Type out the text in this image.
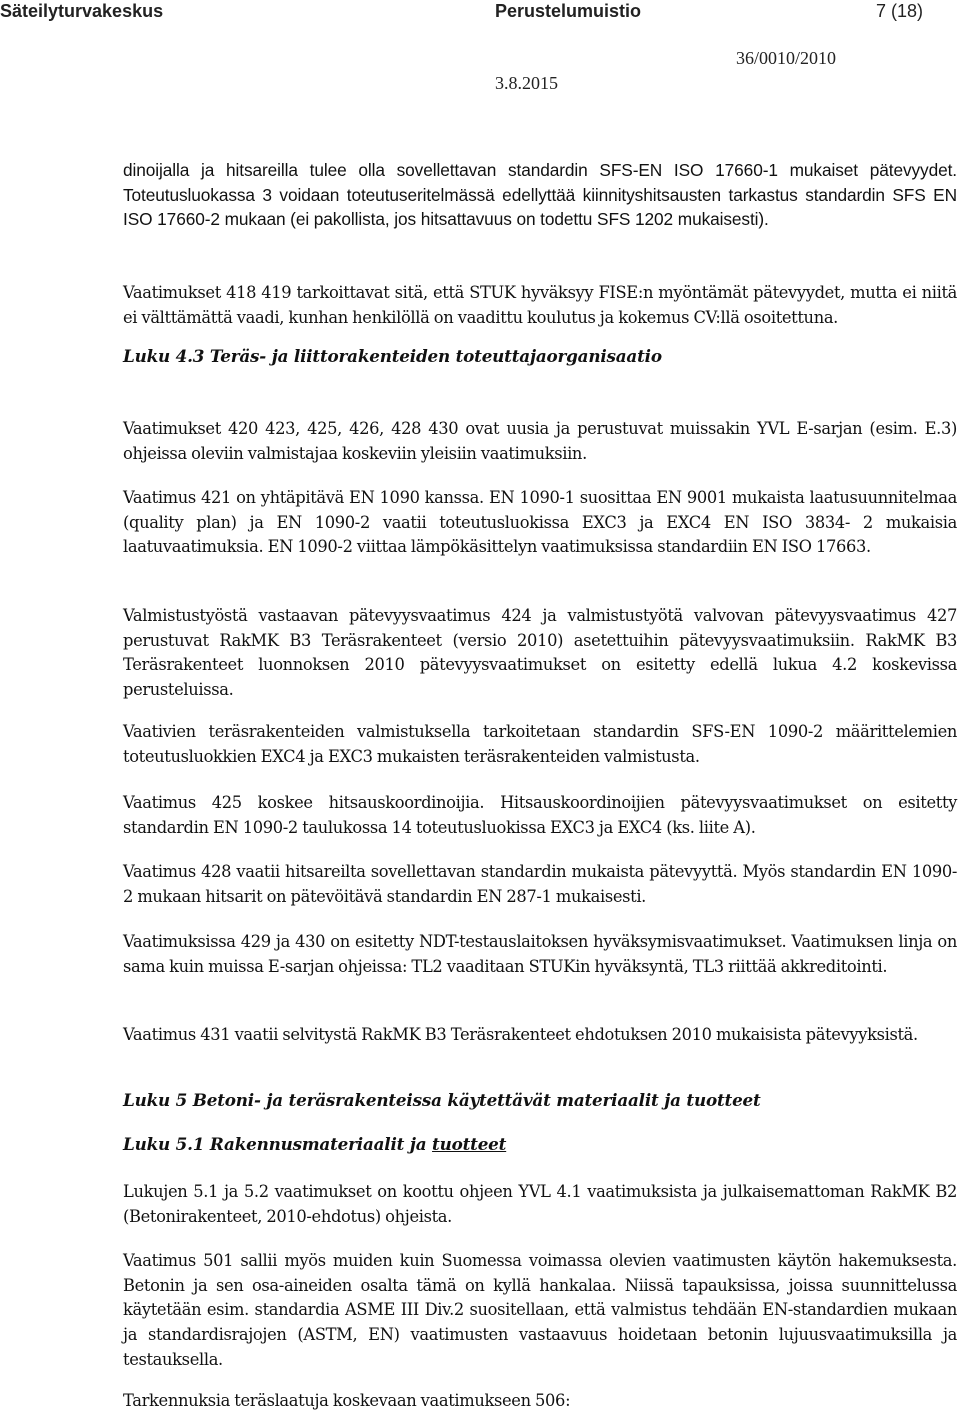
Säteilyturvakeskus	Perustelumuistio	7 (18)
36/0010/2010
3.8.2015

dinoijalla ja hitsareilla tulee olla sovellettavan standardin SFS-EN ISO 17660-1 mukaiset pätevyydet. Toteutusluokassa 3 voidaan toteutuseritelmässä edellyttää kiinnityshitsausten tarkastus standardin SFS EN ISO 17660-2 mukaan (ei pakollista, jos hitsattavuus on todettu SFS 1202 mukaisesti).

Vaatimukset 418 419 tarkoittavat sitä, että STUK hyväksyy FISE:n myöntämät pätevyydet, mutta ei niitä ei välttämättä vaadi, kunhan henkilöllä on vaadittu koulutus ja kokemus CV:llä osoitettuna.

Luku 4.3 Teräs- ja liittorakenteiden toteuttajaorganisaatio

Vaatimukset 420 423, 425, 426, 428 430 ovat uusia ja perustuvat muissakin YVL E-sarjan (esim. E.3) ohjeissa oleviin valmistajaa koskeviin yleisiin vaatimuksiin.

Vaatimus 421 on yhtäpitävä EN 1090 kanssa. EN 1090-1 suosittaa EN 9001 mukaista laatusuunnitelmaa (quality plan) ja EN 1090-2 vaatii toteutusluokissa EXC3 ja EXC4 EN ISO 3834- 2 mukaisia laatuvaatimuksia. EN 1090-2 viittaa lämpökäsittelyn vaatimuksissa standardiin EN ISO 17663.

Valmistustyöstä vastaavan pätevyysvaatimus 424 ja valmistustyötä valvovan pätevyysvaatimus 427 perustuvat RakMK B3 Teräsrakenteet (versio 2010) asetettuihin pätevyysvaatimuksiin. RakMK B3 Teräsrakenteet luonnoksen 2010 pätevyysvaatimukset on esitetty edellä lukua 4.2 koskevissa perusteluissa.

Vaativien teräsrakenteiden valmistuksella tarkoitetaan standardin SFS-EN 1090-2 määrittelemien toteutusluokkien EXC4 ja EXC3 mukaisten teräsrakenteiden valmistusta.

Vaatimus 425 koskee hitsauskoordinoijia. Hitsauskoordinoijien pätevyysvaatimukset on esitetty standardin EN 1090-2 taulukossa 14 toteutusluokissa EXC3 ja EXC4 (ks. liite A).

Vaatimus 428 vaatii hitsareilta sovellettavan standardin mukaista pätevyyttä. Myös standardin EN 1090-2 mukaan hitsarit on pätevöitävä standardin EN 287-1 mukaisesti.

Vaatimuksissa 429 ja 430 on esitetty NDT-testauslaitoksen hyväksymisvaatimukset. Vaatimuksen linja on sama kuin muissa E-sarjan ohjeissa: TL2 vaaditaan STUKin hyväksyntä, TL3 riittää akkreditointi.

Vaatimus 431 vaatii selvitystä RakMK B3 Teräsrakenteet ehdotuksen 2010 mukaisista pätevyyksistä.

Luku 5 Betoni- ja teräsrakenteissa käytettävät materiaalit ja tuotteet

Luku 5.1 Rakennusmateriaalit ja tuotteet

Lukujen 5.1 ja 5.2 vaatimukset on koottu ohjeen YVL 4.1 vaatimuksista ja julkaisemattoman RakMK B2 (Betonirakenteet, 2010-ehdotus) ohjeista.

Vaatimus 501 sallii myös muiden kuin Suomessa voimassa olevien vaatimusten käytön hakemuksesta. Betonin ja sen osa-aineiden osalta tämä on kyllä hankalaa. Niissä tapauksissa, joissa suunnittelussa käytetään esim. standardia ASME III Div.2 suositellaan, että valmistus tehdään EN-standardien mukaan ja standardisrajojen (ASTM, EN) vaatimusten vastaavuus hoidetaan betonin lujuusvaatimuksilla ja testauksella.

Tarkennuksia teräslaatuja koskevaan vaatimukseen 506:
